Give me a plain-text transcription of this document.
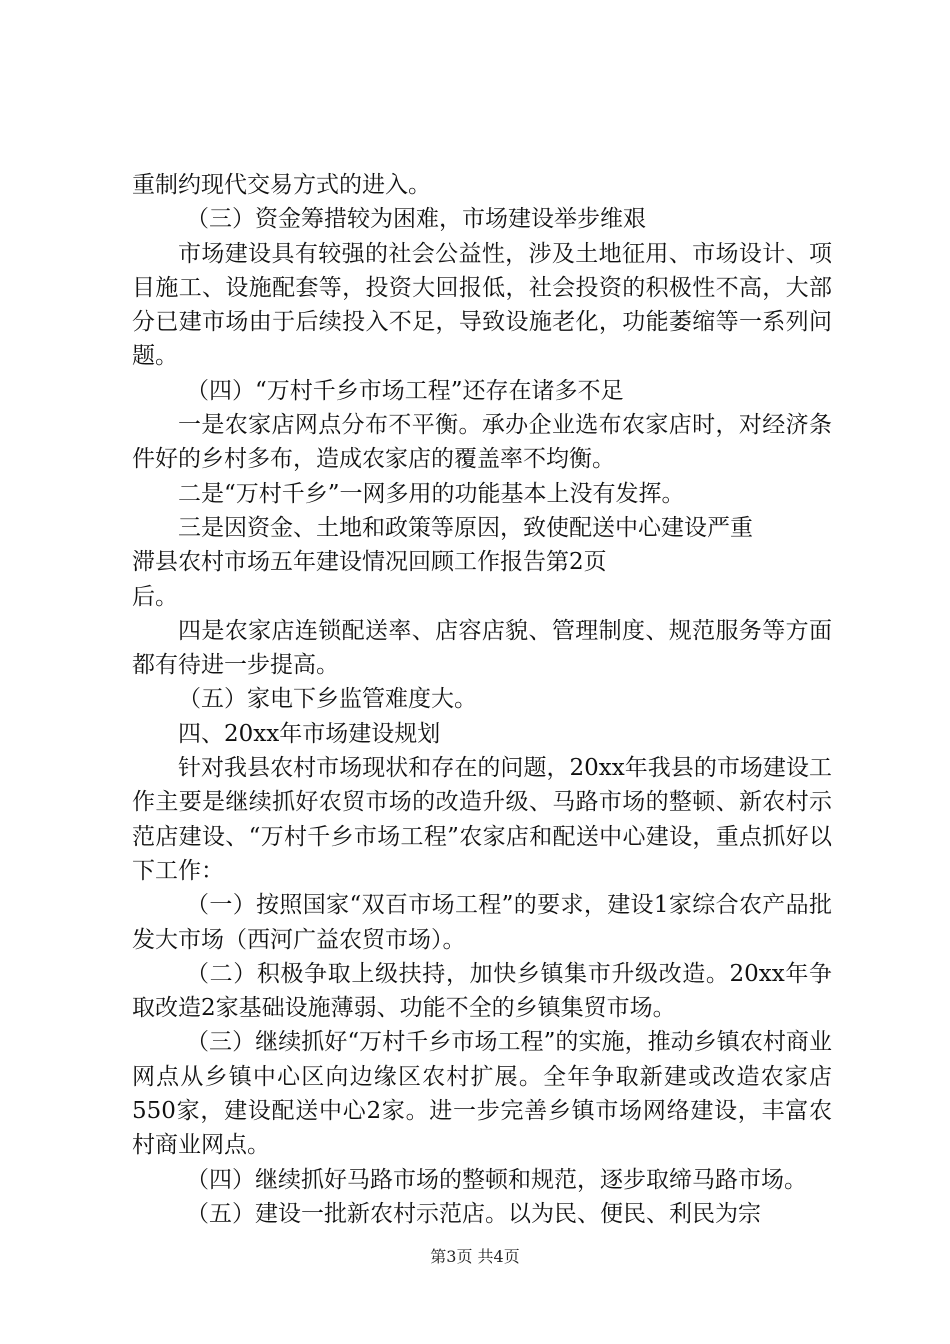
重制约现代交易方式的进入。

（三）资金筹措较为困难，市场建设举步维艰

市场建设具有较强的社会公益性，涉及土地征用、市场设计、项目施工、设施配套等，投资大回报低，社会投资的积极性不高，大部分已建市场由于后续投入不足，导致设施老化，功能萎缩等一系列问题。

（四）“万村千乡市场工程”还存在诸多不足

一是农家店网点分布不平衡。承办企业选布农家店时，对经济条件好的乡村多布，造成农家店的覆盖率不均衡。

二是“万村千乡”一网多用的功能基本上没有发挥。

三是因资金、土地和政策等原因，致使配送中心建设严重

滞县农村市场五年建设情况回顾工作报告第2页

后。

四是农家店连锁配送率、店容店貌、管理制度、规范服务等方面都有待进一步提高。

（五）家电下乡监管难度大。

四、20xx年市场建设规划

针对我县农村市场现状和存在的问题，20xx年我县的市场建设工作主要是继续抓好农贸市场的改造升级、马路市场的整顿、新农村示范店建设、“万村千乡市场工程”农家店和配送中心建设，重点抓好以下工作：

（一）按照国家“双百市场工程”的要求，建设1家综合农产品批发大市场（西河广益农贸市场）。

（二）积极争取上级扶持，加快乡镇集市升级改造。20xx年争取改造2家基础设施薄弱、功能不全的乡镇集贸市场。

（三）继续抓好“万村千乡市场工程”的实施，推动乡镇农村商业网点从乡镇中心区向边缘区农村扩展。全年争取新建或改造农家店550家，建设配送中心2家。进一步完善乡镇市场网络建设，丰富农村商业网点。

（四）继续抓好马路市场的整顿和规范，逐步取缔马路市场。

（五）建设一批新农村示范店。以为民、便民、利民为宗

第3页 共4页
